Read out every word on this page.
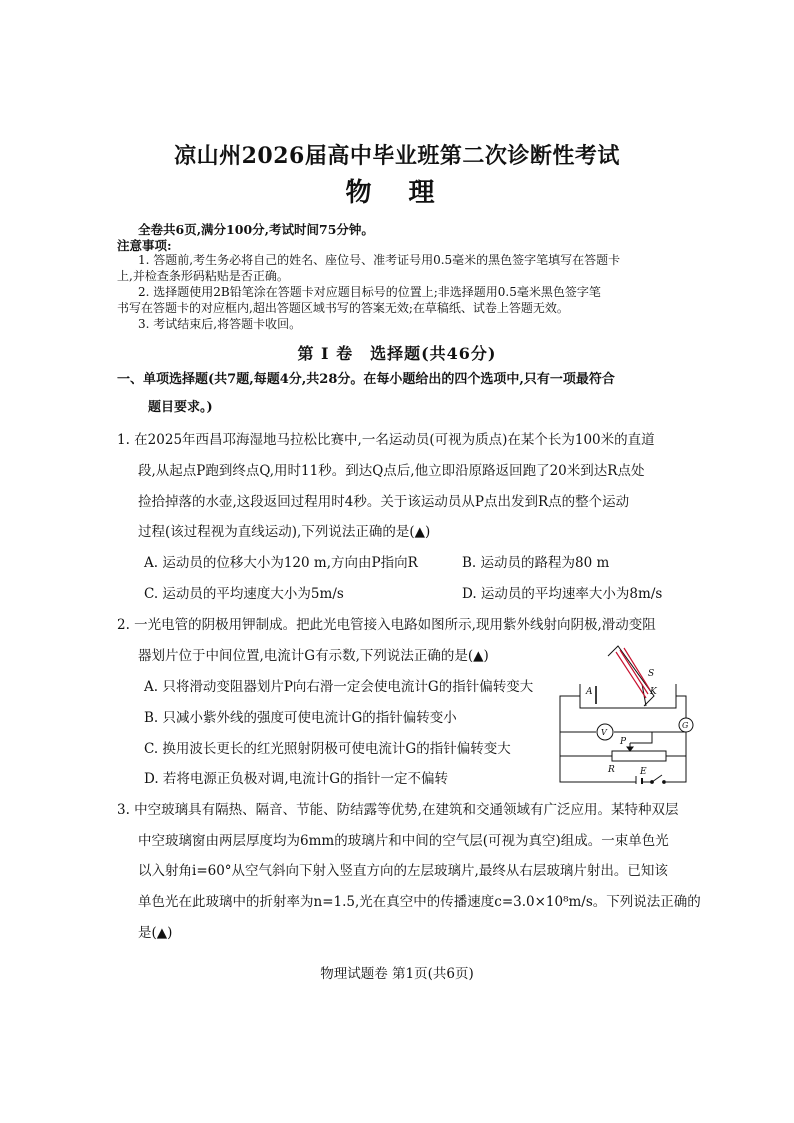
凉山州2026届高中毕业班第二次诊断性考试
物 理
全卷共6页,满分100分,考试时间75分钟。
注意事项:
1. 答题前,考生务必将自己的姓名、座位号、准考证号用0.5毫米的黑色签字笔填写在答题卡
上,并检查条形码粘贴是否正确。
2. 选择题使用2B铅笔涂在答题卡对应题目标号的位置上;非选择题用0.5毫米黑色签字笔
书写在答题卡的对应框内,超出答题区域书写的答案无效;在草稿纸、试卷上答题无效。
3. 考试结束后,将答题卡收回。
第 Ⅰ 卷　选择题(共46分)
一、单项选择题(共7题,每题4分,共28分。在每小题给出的四个选项中,只有一项最符合
题目要求。)
1. 在2025年西昌邛海湿地马拉松比赛中,一名运动员(可视为质点)在某个长为100米的直道
段,从起点P跑到终点Q,用时11秒。到达Q点后,他立即沿原路返回跑了20米到达R点处
捡拾掉落的水壶,这段返回过程用时4秒。关于该运动员从P点出发到R点的整个运动
过程(该过程视为直线运动),下列说法正确的是(▲)
A. 运动员的位移大小为120 m,方向由P指向R	B. 运动员的路程为80 m
C. 运动员的平均速度大小为5m/s	D. 运动员的平均速率大小为8m/s
2. 一光电管的阴极用钾制成。把此光电管接入电路如图所示,现用紫外线射向阴极,滑动变阻
器划片位于中间位置,电流计G有示数,下列说法正确的是(▲)
A. 只将滑动变阻器划片P向右滑一定会使电流计G的指针偏转变大
B. 只减小紫外线的强度可使电流计G的指针偏转变小
C. 换用波长更长的红光照射阴极可使电流计G的指针偏转变大
D. 若将电源正负极对调,电流计G的指针一定不偏转
S
A	K
V
G
P
R	E
3. 中空玻璃具有隔热、隔音、节能、防结露等优势,在建筑和交通领域有广泛应用。某特种双层
中空玻璃窗由两层厚度均为6mm的玻璃片和中间的空气层(可视为真空)组成。一束单色光
以入射角i=60°从空气斜向下射入竖直方向的左层玻璃片,最终从右层玻璃片射出。已知该
单色光在此玻璃中的折射率为n=1.5,光在真空中的传播速度c=3.0×10⁸m/s。下列说法正确的
是(▲)
物理试题卷 第1页(共6页)
